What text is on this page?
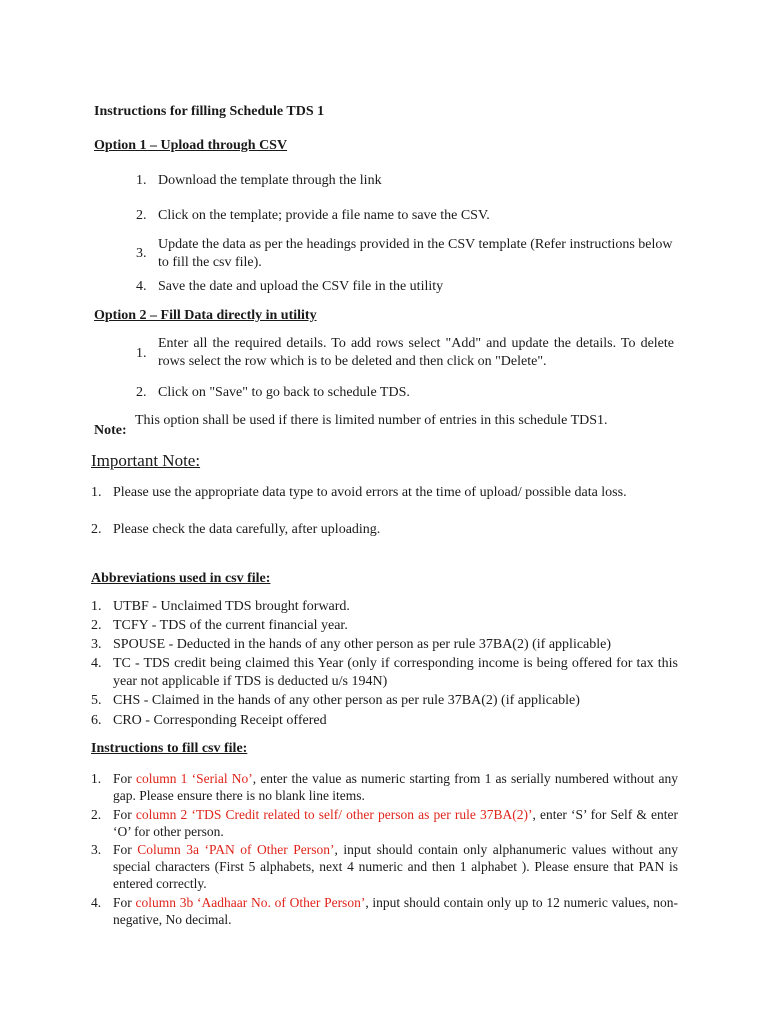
Instructions for filling Schedule TDS 1
Option 1 – Upload through CSV
1. Download the template through the link
2. Click on the template; provide a file name to save the CSV.
3.
Update the data as per the headings provided in the CSV template (Refer instructions below to fill the csv file).
4. Save the date and upload the CSV file in the utility
Option 2 – Fill Data directly in utility
1.
Enter all the required details. To add rows select "Add" and update the details. To delete rows select the row which is to be deleted and then click on "Delete".
2. Click on "Save" to go back to schedule TDS.
Note:
This option shall be used if there is limited number of entries in this schedule TDS1.
Important Note:
1. Please use the appropriate data type to avoid errors at the time of upload/ possible data loss.
2. Please check the data carefully, after uploading.
Abbreviations used in csv file:
1. UTBF - Unclaimed TDS brought forward.
2. TCFY - TDS of the current financial year.
3. SPOUSE - Deducted in the hands of any other person as per rule 37BA(2) (if applicable)
4. TC - TDS credit being claimed this Year (only if corresponding income is being offered for tax this year not applicable if TDS is deducted u/s 194N)
5. CHS - Claimed in the hands of any other person as per rule 37BA(2) (if applicable)
6. CRO - Corresponding Receipt offered
Instructions to fill csv file:
1. For column 1 ‘Serial No’, enter the value as numeric starting from 1 as serially numbered without any gap. Please ensure there is no blank line items.
2. For column 2 ‘TDS Credit related to self/ other person as per rule 37BA(2)’, enter ‘S’ for Self & enter ‘O’ for other person.
3. For Column 3a ‘PAN of Other Person’, input should contain only alphanumeric values without any special characters (First 5 alphabets, next 4 numeric and then 1 alphabet ). Please ensure that PAN is entered correctly.
4. For column 3b ‘Aadhaar No. of Other Person’, input should contain only up to 12 numeric values, non-negative, No decimal.
